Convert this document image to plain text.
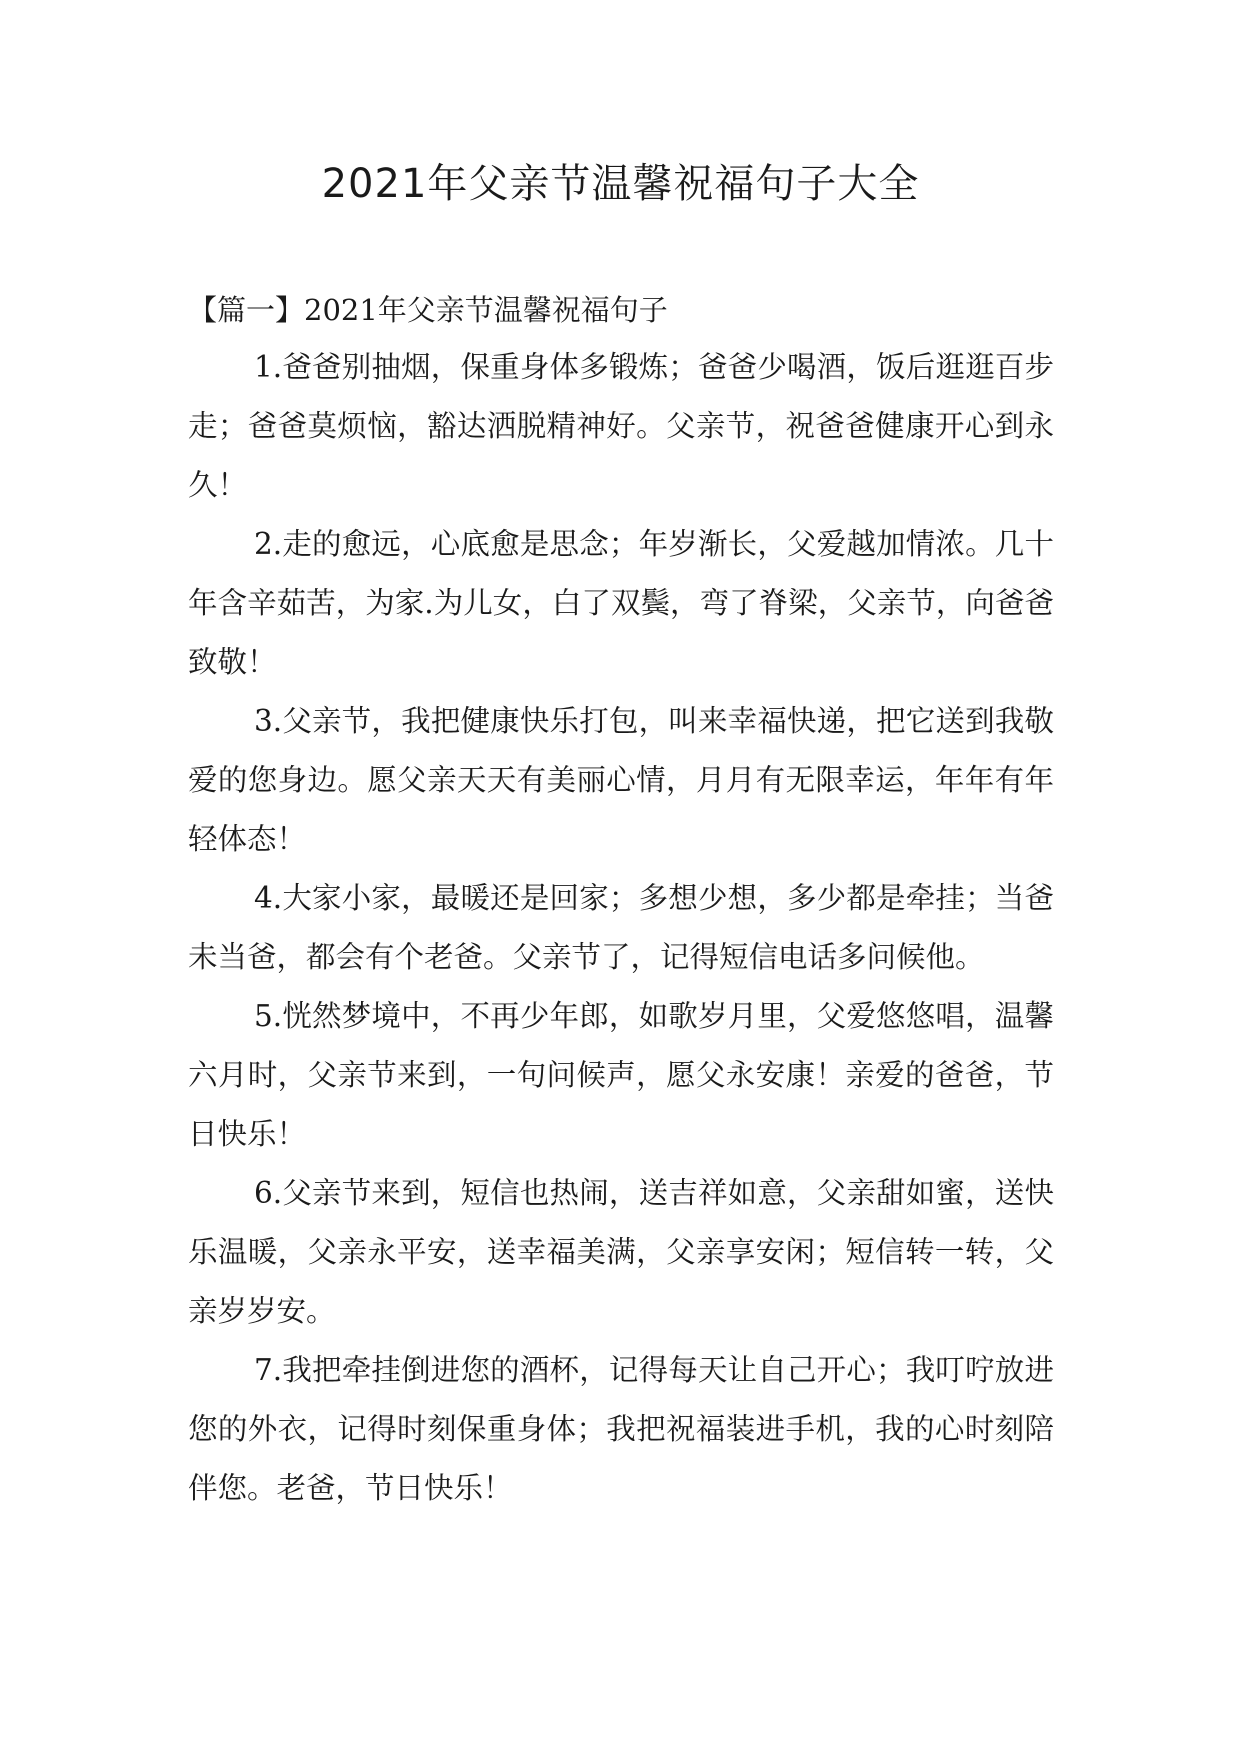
2021年父亲节温馨祝福句子大全

【篇一】2021年父亲节温馨祝福句子

1.爸爸别抽烟，保重身体多锻炼；爸爸少喝酒，饭后逛逛百步走；爸爸莫烦恼，豁达洒脱精神好。父亲节，祝爸爸健康开心到永久！
2.走的愈远，心底愈是思念；年岁渐长，父爱越加情浓。几十年含辛茹苦，为家.为儿女，白了双鬓，弯了脊梁，父亲节，向爸爸致敬！
3.父亲节，我把健康快乐打包，叫来幸福快递，把它送到我敬爱的您身边。愿父亲天天有美丽心情，月月有无限幸运，年年有年轻体态！
4.大家小家，最暖还是回家；多想少想，多少都是牵挂；当爸未当爸，都会有个老爸。父亲节了，记得短信电话多问候他。
5.恍然梦境中，不再少年郎，如歌岁月里，父爱悠悠唱，温馨六月时，父亲节来到，一句问候声，愿父永安康！亲爱的爸爸，节日快乐！
6.父亲节来到，短信也热闹，送吉祥如意，父亲甜如蜜，送快乐温暖，父亲永平安，送幸福美满，父亲享安闲；短信转一转，父亲岁岁安。
7.我把牵挂倒进您的酒杯，记得每天让自己开心；我叮咛放进您的外衣，记得时刻保重身体；我把祝福装进手机，我的心时刻陪伴您。老爸，节日快乐！
